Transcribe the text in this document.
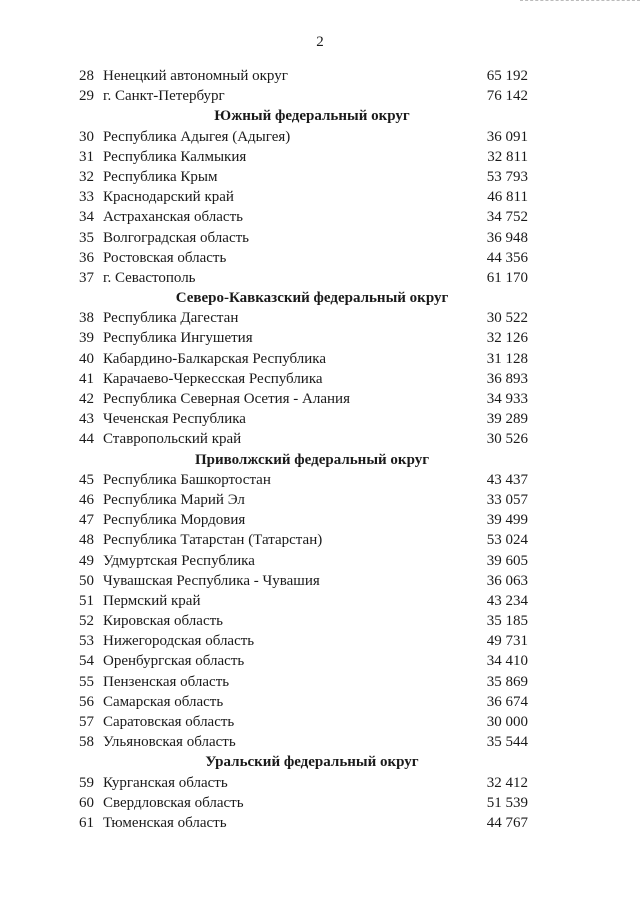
2
28 Ненецкий автономный округ	65 192
29 г. Санкт-Петербург	76 142
Южный федеральный округ
30 Республика Адыгея (Адыгея)	36 091
31 Республика Калмыкия	32 811
32 Республика Крым	53 793
33 Краснодарский край	46 811
34 Астраханская область	34 752
35 Волгоградская область	36 948
36 Ростовская область	44 356
37 г. Севастополь	61 170
Северо-Кавказский федеральный округ
38 Республика Дагестан	30 522
39 Республика Ингушетия	32 126
40 Кабардино-Балкарская Республика	31 128
41 Карачаево-Черкесская Республика	36 893
42 Республика Северная Осетия - Алания	34 933
43 Чеченская Республика	39 289
44 Ставропольский край	30 526
Приволжский федеральный округ
45 Республика Башкортостан	43 437
46 Республика Марий Эл	33 057
47 Республика Мордовия	39 499
48 Республика Татарстан (Татарстан)	53 024
49 Удмуртская Республика	39 605
50 Чувашская Республика - Чувашия	36 063
51 Пермский край	43 234
52 Кировская область	35 185
53 Нижегородская область	49 731
54 Оренбургская область	34 410
55 Пензенская область	35 869
56 Самарская область	36 674
57 Саратовская область	30 000
58 Ульяновская область	35 544
Уральский федеральный округ
59 Курганская область	32 412
60 Свердловская область	51 539
61 Тюменская область	44 767
